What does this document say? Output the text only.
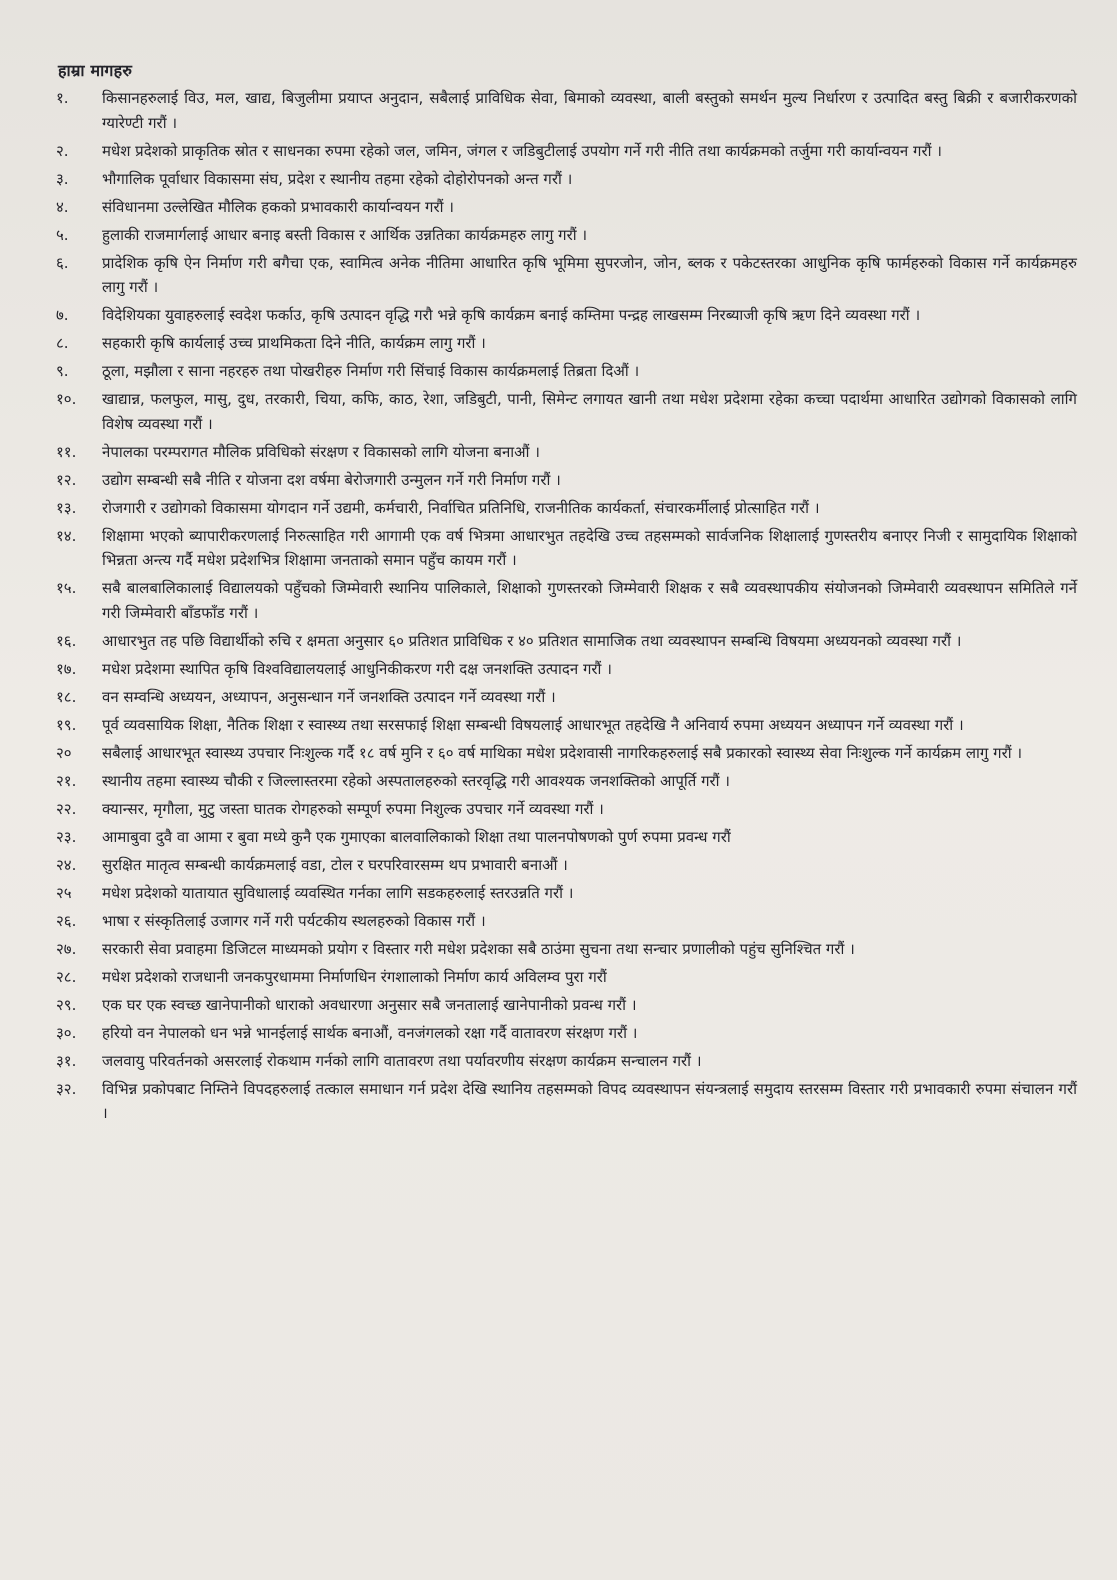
हाम्रा मागहरु
१.	किसानहरुलाई विउ, मल, खाद्य, बिजुलीमा प्रयाप्त अनुदान, सबैलाई प्राविधिक सेवा, बिमाको व्यवस्था, बाली बस्तुको समर्थन मुल्य निर्धारण र उत्पादित बस्तु बिक्री र बजारीकरणको ग्यारेण्टी गरौं ।
२.	मधेश प्रदेशको प्राकृतिक स्रोत र साधनका रुपमा रहेको जल, जमिन, जंगल र जडिबुटीलाई उपयोग गर्ने गरी नीति तथा कार्यक्रमको तर्जुमा गरी कार्यान्वयन गरौं ।
३.	भौगालिक पूर्वाधार विकासमा संघ, प्रदेश र स्थानीय तहमा रहेको दोहोरोपनको अन्त गरौं ।
४.	संविधानमा उल्लेखित मौलिक हकको प्रभावकारी कार्यान्वयन गरौं ।
५.	हुलाकी राजमार्गलाई आधार बनाइ बस्ती विकास र आर्थिक उन्नतिका कार्यक्रमहरु लागु गरौं ।
६.	प्रादेशिक कृषि ऐन निर्माण गरी बगैचा एक, स्वामित्व अनेक नीतिमा आधारित कृषि भूमिमा सुपरजोन, जोन, ब्लक र पकेटस्तरका आधुनिक कृषि फार्महरुको विकास गर्ने कार्यक्रमहरु लागु गरौं ।
७.	विदेशियका युवाहरुलाई स्वदेश फर्काउ, कृषि उत्पादन वृद्धि गरौ भन्ने कृषि कार्यक्रम बनाई कम्तिमा पन्द्रह लाखसम्म निरब्याजी कृषि ऋण दिने व्यवस्था गरौं ।
८.	सहकारी कृषि कार्यलाई उच्च प्राथमिकता दिने नीति, कार्यक्रम लागु गरौं ।
९.	ठूला, मझौला र साना नहरहरु तथा पोखरीहरु निर्माण गरी सिंचाई विकास कार्यक्रमलाई तिब्रता दिऔं ।
१०.	खाद्यान्न, फलफुल, मासु, दुध, तरकारी, चिया, कफि, काठ, रेशा, जडिबुटी, पानी, सिमेन्ट लगायत खानी तथा मधेश प्रदेशमा रहेका कच्चा पदार्थमा आधारित उद्योगको विकासको लागि विशेष व्यवस्था गरौं ।
११.	नेपालका परम्परागत मौलिक प्रविधिको संरक्षण र विकासको लागि योजना बनाऔं ।
१२.	उद्योग सम्बन्धी सबै नीति र योजना दश वर्षमा बेरोजगारी उन्मुलन गर्ने गरी निर्माण गरौं ।
१३.	रोजगारी र उद्योगको विकासमा योगदान गर्ने उद्यमी, कर्मचारी, निर्वाचित प्रतिनिधि, राजनीतिक कार्यकर्ता, संचारकर्मीलाई प्रोत्साहित गरौं ।
१४.	शिक्षामा भएको ब्यापारीकरणलाई निरुत्साहित गरी आगामी एक वर्ष भित्रमा आधारभुत तहदेखि उच्च तहसम्मको सार्वजनिक शिक्षालाई गुणस्तरीय बनाएर निजी र सामुदायिक शिक्षाको भिन्नता अन्त्य गर्दै मधेश प्रदेशभित्र शिक्षामा जनताको समान पहुँच कायम गरौं ।
१५.	सबै बालबालिकालाई विद्यालयको पहुँचको जिम्मेवारी स्थानिय पालिकाले, शिक्षाको गुणस्तरको जिम्मेवारी शिक्षक र सबै व्यवस्थापकीय संयोजनको जिम्मेवारी व्यवस्थापन समितिले गर्ने गरी जिम्मेवारी बाँडफाँड गरौं ।
१६.	आधारभुत तह पछि विद्यार्थीको रुचि र क्षमता अनुसार ६० प्रतिशत प्राविधिक र ४० प्रतिशत सामाजिक तथा व्यवस्थापन सम्बन्धि विषयमा अध्ययनको व्यवस्था गरौं ।
१७.	मधेश प्रदेशमा स्थापित कृषि विश्वविद्यालयलाई आधुनिकीकरण गरी दक्ष जनशक्ति उत्पादन गरौं ।
१८.	वन सम्वन्धि अध्ययन, अध्यापन, अनुसन्धान गर्ने जनशक्ति उत्पादन गर्ने व्यवस्था गरौं ।
१९.	पूर्व व्यवसायिक शिक्षा, नैतिक शिक्षा र स्वास्थ्य तथा सरसफाई शिक्षा सम्बन्धी विषयलाई आधारभूत तहदेखि नै अनिवार्य रुपमा अध्ययन अध्यापन गर्ने व्यवस्था गरौं ।
२०	सबैलाई आधारभूत स्वास्थ्य उपचार निःशुल्क गर्दै १८ वर्ष मुनि र ६० वर्ष माथिका मधेश प्रदेशवासी नागरिकहरुलाई सबै प्रकारको स्वास्थ्य सेवा निःशुल्क गर्ने कार्यक्रम लागु गरौं ।
२१.	स्थानीय तहमा स्वास्थ्य चौकी र जिल्लास्तरमा रहेको अस्पतालहरुको स्तरवृद्धि गरी आवश्यक जनशक्तिको आपूर्ति गरौं ।
२२.	क्यान्सर, मृगौला, मुटु जस्ता घातक रोगहरुको सम्पूर्ण रुपमा निशुल्क उपचार गर्ने व्यवस्था गरौं ।
२३.	आमाबुवा दुवै वा आमा र बुवा मध्ये कुनै एक गुमाएका बालवालिकाको शिक्षा तथा पालनपोषणको पुर्ण रुपमा प्रवन्ध गरौं
२४.	सुरक्षित मातृत्व सम्बन्धी कार्यक्रमलाई वडा, टोल र घरपरिवारसम्म थप प्रभावारी बनाऔं ।
२५	मधेश प्रदेशको यातायात सुविधालाई व्यवस्थित गर्नका लागि सडकहरुलाई स्तरउन्नति गरौं ।
२६.	भाषा र संस्कृतिलाई उजागर गर्ने गरी पर्यटकीय स्थलहरुको विकास गरौं ।
२७.	सरकारी सेवा प्रवाहमा डिजिटल माध्यमको प्रयोग र विस्तार गरी मधेश प्रदेशका सबै ठाउंमा सुचना तथा सन्चार प्रणालीको पहुंच सुनिश्चित गरौं ।
२८.	मधेश प्रदेशको राजधानी जनकपुरधाममा निर्माणधिन रंगशालाको निर्माण कार्य अविलम्व पुरा गरौं
२९.	एक घर एक स्वच्छ खानेपानीको धाराको अवधारणा अनुसार सबै जनतालाई खानेपानीको प्रवन्ध गरौं ।
३०.	हरियो वन नेपालको धन भन्ने भानईलाई सार्थक बनाऔं, वनजंगलको रक्षा गर्दै वातावरण संरक्षण गरौं ।
३१.	जलवायु परिवर्तनको असरलाई रोकथाम गर्नको लागि वातावरण तथा पर्यावरणीय संरक्षण कार्यक्रम सन्चालन गरौं ।
३२.	विभिन्न प्रकोपबाट निम्तिने विपदहरुलाई तत्काल समाधान गर्न प्रदेश देखि स्थानिय तहसम्मको विपद व्यवस्थापन संयन्त्रलाई समुदाय स्तरसम्म विस्तार गरी प्रभावकारी रुपमा संचालन गरौं ।
